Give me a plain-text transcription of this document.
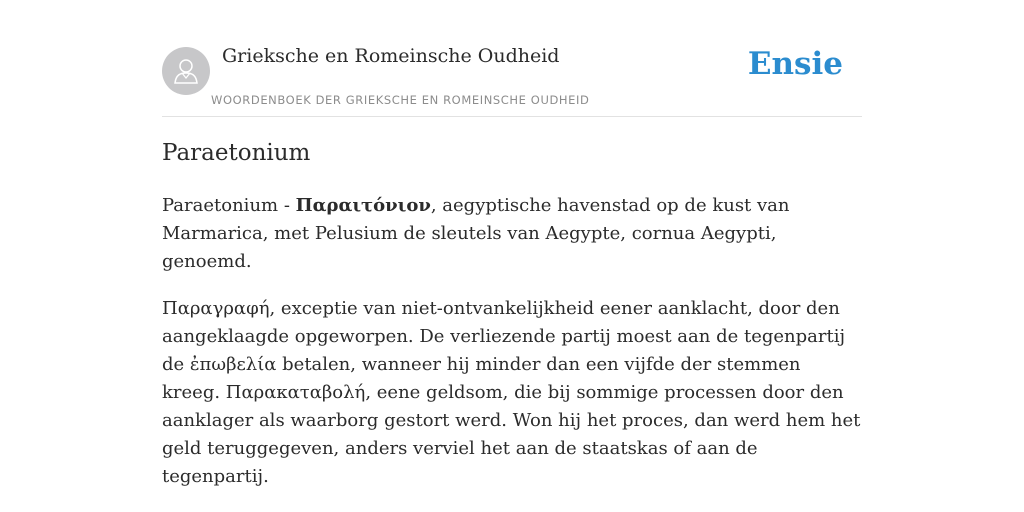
Grieksche en Romeinsche Oudheid
WOORDENBOEK DER GRIEKSCHE EN ROMEINSCHE OUDHEID
Ensie
Paraetonium

Paraetonium - Παραιτόνιον, aegyptische havenstad op de kust van Marmarica, met Pelusium de sleutels van Aegypte, cornua Aegypti, genoemd.

Παραγραφή, exceptie van niet-ontvankelijkheid eener aanklacht, door den aangeklaagde opgeworpen. De verliezende partij moest aan de tegenpartij de ἐπωβελία betalen, wanneer hij minder dan een vijfde der stemmen kreeg. Παρακαταβολή, eene geldsom, die bij sommige processen door den aanklager als waarborg gestort werd. Won hij het proces, dan werd hem het geld teruggegeven, anders verviel het aan de staatskas of aan de tegenpartij.
